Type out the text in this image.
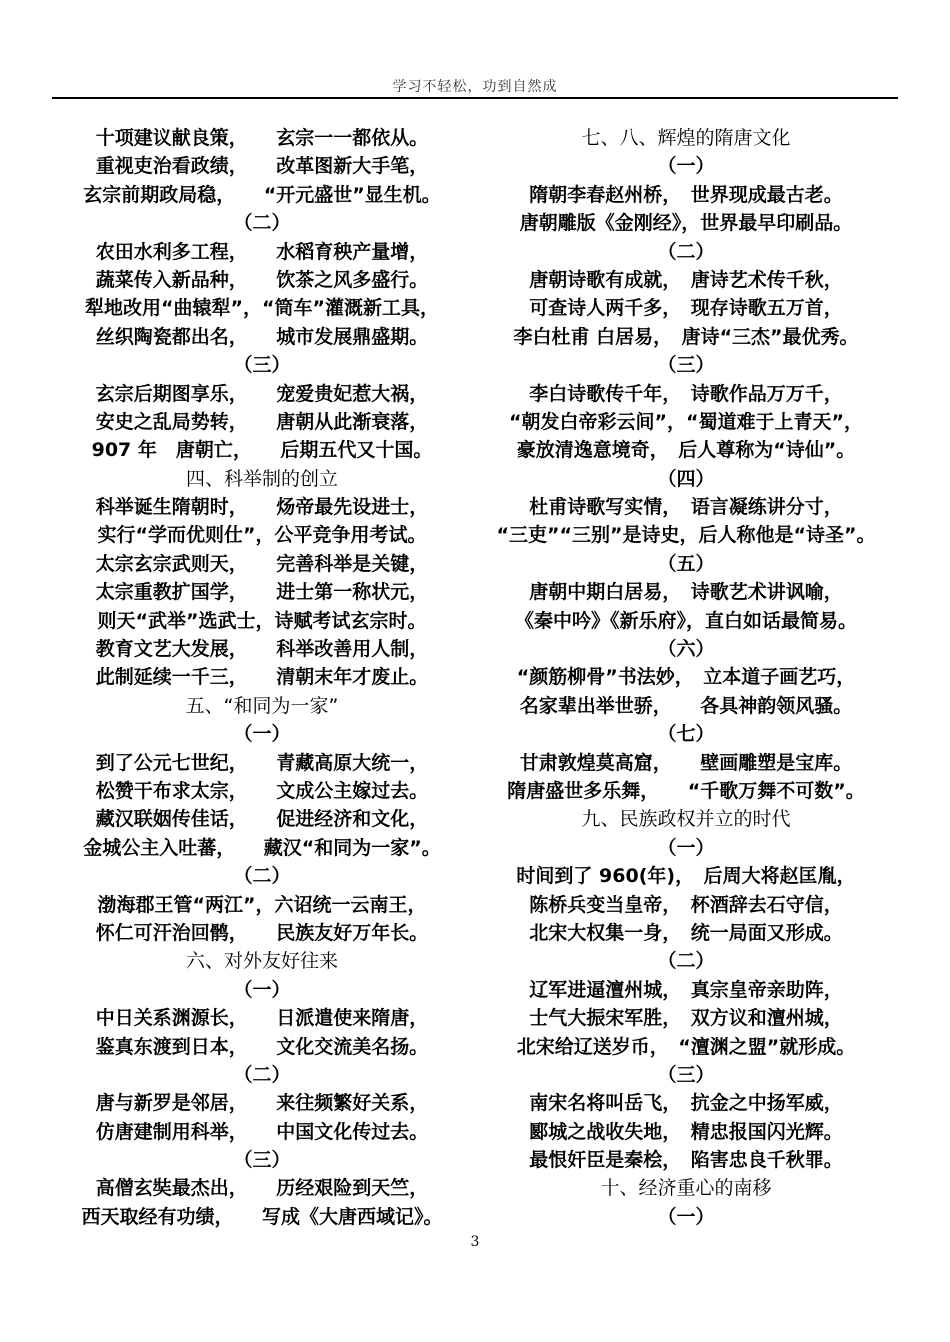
学习不轻松，功到自然成
十项建议献良策，　　玄宗一一都依从。
重视吏治看政绩，　　改革图新大手笔，
玄宗前期政局稳，　　“开元盛世”显生机。
（二）
农田水利多工程，　　水稻育秧产量增，
蔬菜传入新品种，　　饮茶之风多盛行。
犁地改用“曲辕犁”，“筒车”灌溉新工具，
丝织陶瓷都出名，　　城市发展鼎盛期。
（三）
玄宗后期图享乐，　　宠爱贵妃惹大祸，
安史之乱局势转，　　唐朝从此渐衰落，
907 年　唐朝亡，　　后期五代又十国。
四、科举制的创立
科举诞生隋朝时，　　炀帝最先设进士，
实行“学而优则仕”，公平竞争用考试。
太宗玄宗武则天，　　完善科举是关键，
太宗重教扩国学，　　进士第一称状元，
则天“武举”选武士，诗赋考试玄宗时。
教育文艺大发展，　　科举改善用人制，
此制延续一千三，　　清朝末年才废止。
五、“和同为一家”
（一）
到了公元七世纪，　　青藏高原大统一，
松赞干布求太宗，　　文成公主嫁过去。
藏汉联姻传佳话，　　促进经济和文化，
金城公主入吐蕃，　　藏汉“和同为一家”。
（二）
渤海郡王管“两江”，六诏统一云南王，
怀仁可汗治回鹘，　　民族友好万年长。
六、对外友好往来
（一）
中日关系渊源长，　　日派遣使来隋唐，
鉴真东渡到日本，　　文化交流美名扬。
（二）
唐与新罗是邻居，　　来往频繁好关系，
仿唐建制用科举，　　中国文化传过去。
（三）
高僧玄奘最杰出，　　历经艰险到天竺，
西天取经有功绩，　　写成《大唐西域记》。
七、八、辉煌的隋唐文化
（一）
隋朝李春赵州桥，　世界现成最古老。
唐朝雕版《金刚经》，世界最早印刷品。
（二）
唐朝诗歌有成就，　唐诗艺术传千秋，
可查诗人两千多，　现存诗歌五万首，
李白杜甫 白居易，　唐诗“三杰”最优秀。
（三）
李白诗歌传千年，　诗歌作品万万千，
“朝发白帝彩云间”，“蜀道难于上青天”，
豪放清逸意境奇，　后人尊称为“诗仙”。
（四）
杜甫诗歌写实情，　语言凝练讲分寸，
“三吏”“三别”是诗史，后人称他是“诗圣”。
（五）
唐朝中期白居易，　诗歌艺术讲讽喻，
《秦中吟》《新乐府》，直白如话最简易。
（六）
“颜筋柳骨”书法妙，　立本道子画艺巧，
名家辈出举世骄，　　各具神韵领风骚。
（七）
甘肃敦煌莫高窟，　　壁画雕塑是宝库。
隋唐盛世多乐舞，　　“千歌万舞不可数”。
九、民族政权并立的时代
（一）
时间到了 960(年)，　后周大将赵匡胤，
陈桥兵变当皇帝，　杯酒辞去石守信，
北宋大权集一身，　统一局面又形成。
（二）
辽军进逼澶州城，　真宗皇帝亲助阵，
士气大振宋军胜，　双方议和澶州城，
北宋给辽送岁币，　“澶渊之盟”就形成。
（三）
南宋名将叫岳飞，　抗金之中扬军威，
郾城之战收失地，　精忠报国闪光辉。
最恨奸臣是秦桧，　陷害忠良千秋罪。
十、经济重心的南移
（一）
3
